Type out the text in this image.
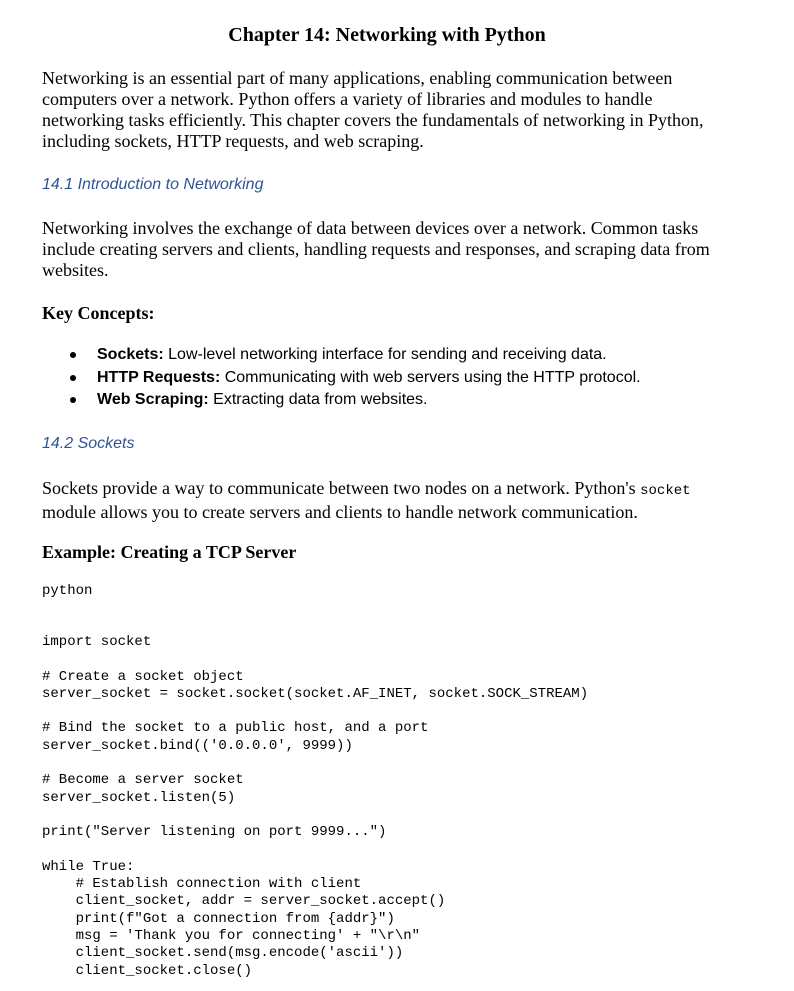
Chapter 14: Networking with Python

Networking is an essential part of many applications, enabling communication between computers over a network. Python offers a variety of libraries and modules to handle networking tasks efficiently. This chapter covers the fundamentals of networking in Python, including sockets, HTTP requests, and web scraping.

14.1 Introduction to Networking

Networking involves the exchange of data between devices over a network. Common tasks include creating servers and clients, handling requests and responses, and scraping data from websites.

Key Concepts:
Sockets: Low-level networking interface for sending and receiving data.
HTTP Requests: Communicating with web servers using the HTTP protocol.
Web Scraping: Extracting data from websites.
14.2 Sockets

Sockets provide a way to communicate between two nodes on a network. Python's socket module allows you to create servers and clients to handle network communication.

Example: Creating a TCP Server
python
import socket

# Create a socket object
server_socket = socket.socket(socket.AF_INET, socket.SOCK_STREAM)

# Bind the socket to a public host, and a port
server_socket.bind(('0.0.0.0', 9999))

# Become a server socket
server_socket.listen(5)

print("Server listening on port 9999...")

while True:
# Establish connection with client
client_socket, addr = server_socket.accept()
print(f"Got a connection from {addr}")
msg = 'Thank you for connecting' + "\r\n"
client_socket.send(msg.encode('ascii'))
client_socket.close()
